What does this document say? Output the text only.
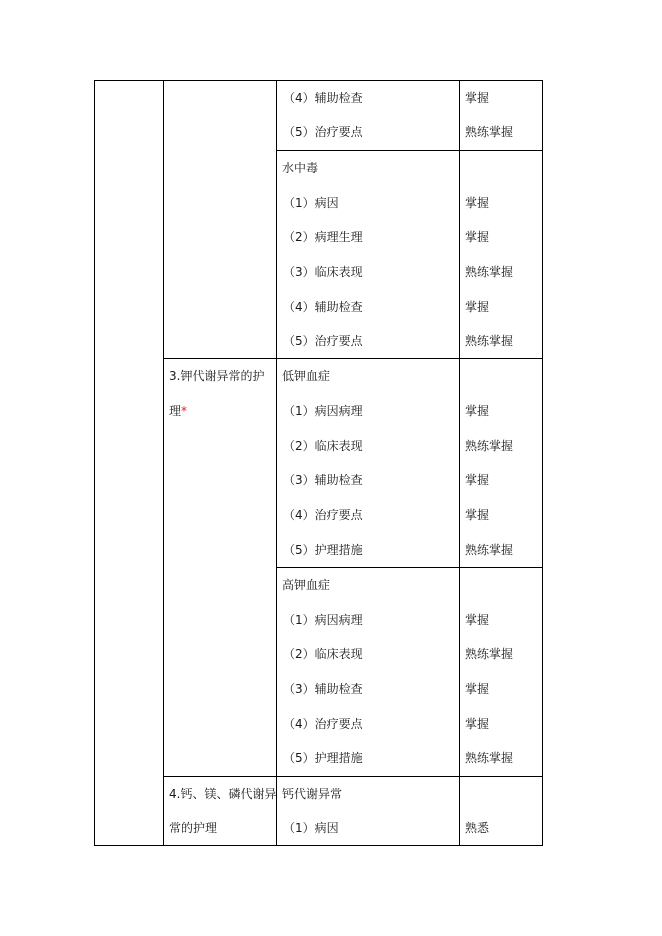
（4）辅助检查	掌握
（5）治疗要点	熟练掌握
水中毒
（1）病因	掌握
（2）病理生理	掌握
（3）临床表现	熟练掌握
（4）辅助检查	掌握
（5）治疗要点	熟练掌握
3.钾代谢异常的护
理*
低钾血症
（1）病因病理	掌握
（2）临床表现	熟练掌握
（3）辅助检查	掌握
（4）治疗要点	掌握
（5）护理措施	熟练掌握
高钾血症
（1）病因病理	掌握
（2）临床表现	熟练掌握
（3）辅助检查	掌握
（4）治疗要点	掌握
（5）护理措施	熟练掌握
4.钙、镁、磷代谢异
常的护理
钙代谢异常
（1）病因	熟悉
